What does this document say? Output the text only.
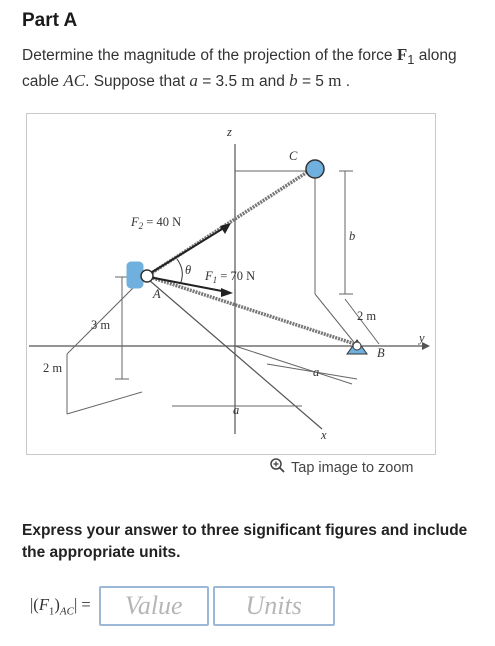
Part A
Determine the magnitude of the projection of the force $F_1$ along cable AC. Suppose that a = 3.5 m and b = 5 m .
z
C
$F_2 = 40$ N
b
θ $F_1 = 70$ N
A
3 m
2 m
B
y
2 m	a
a
x
Tap image to zoom
Express your answer to three significant figures and include the appropriate units.
$|(F_1)_{AC}|$ =	Value	Units
